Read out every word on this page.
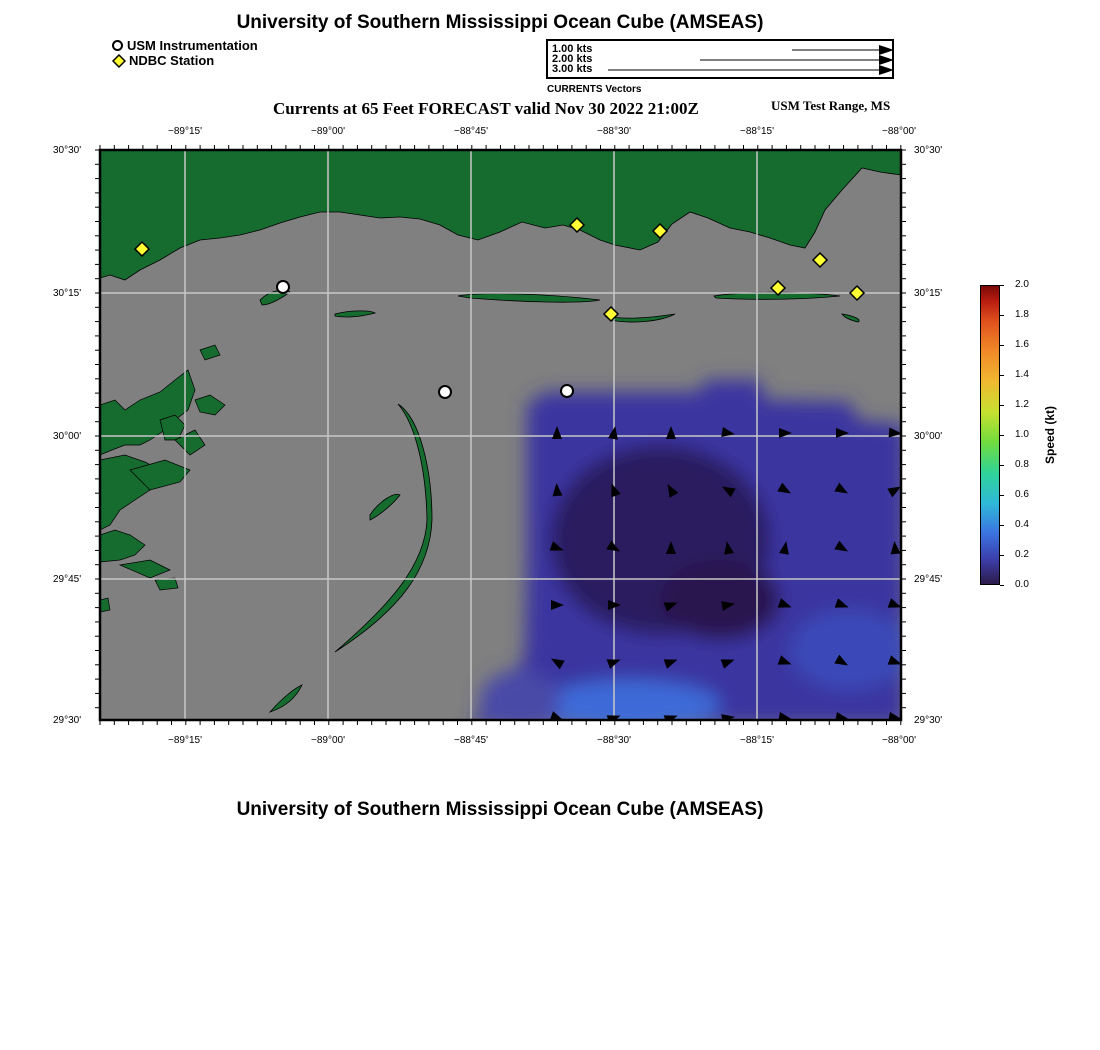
University of Southern Mississippi Ocean Cube (AMSEAS)
USM Instrumentation
NDBC Station
1.00 kts
2.00 kts
3.00 kts
CURRENTS Vectors
Currents at 65 Feet FORECAST valid Nov 30 2022 21:00Z	USM Test Range, MS
−89°15'	−89°00'	−88°45'	−88°30'	−88°15'	−88°00'
−89°15'	−89°00'	−88°45'	−88°30'	−88°15'	−88°00'
30°30'
30°15'
30°00'
29°45'
29°30'
30°30'
30°15'
30°00'
29°45'
29°30'
2.0
1.8
1.6
1.4
1.2
1.0
0.8
0.6
0.4
0.2
0.0
Speed (kt)
University of Southern Mississippi Ocean Cube (AMSEAS)
